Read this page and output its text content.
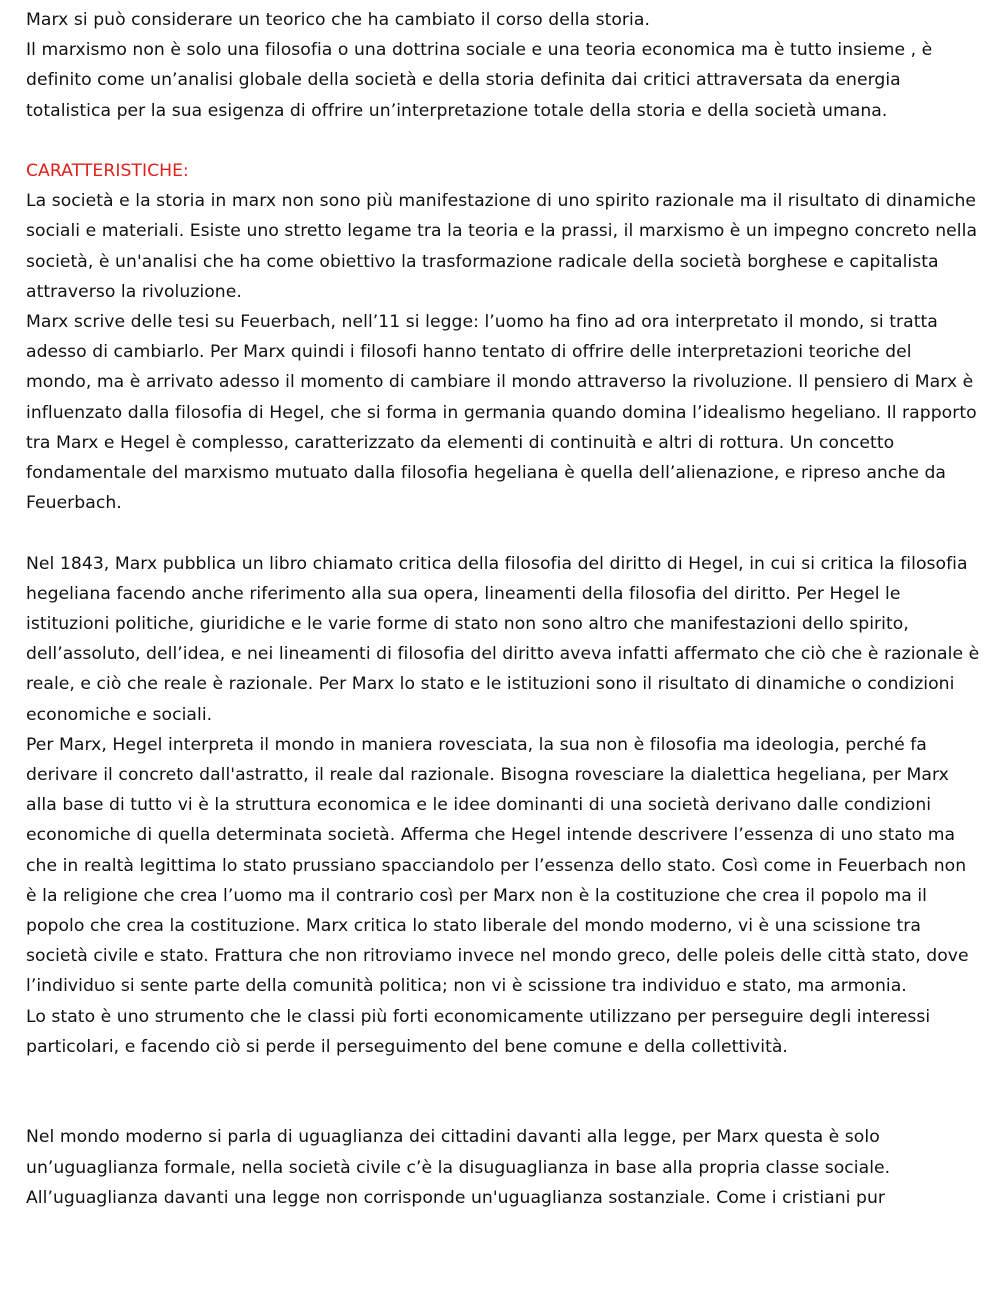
Marx si può considerare un teorico che ha cambiato il corso della storia.

Il marxismo non è solo una filosofia o una dottrina sociale e una teoria economica ma è tutto insieme , è definito come un’analisi globale della società e della storia definita dai critici attraversata da energia totalistica per la sua esigenza di offrire un’interpretazione totale della storia e della società umana.

CARATTERISTICHE:

La società e la storia in marx non sono più manifestazione di uno spirito razionale ma il risultato di dinamiche sociali e materiali. Esiste uno stretto legame tra la teoria e la prassi, il marxismo è un impegno concreto nella società, è un'analisi che ha come obiettivo la trasformazione radicale della società borghese e capitalista attraverso la rivoluzione.

Marx scrive delle tesi su Feuerbach, nell’11 si legge: l’uomo ha fino ad ora interpretato il mondo, si tratta adesso di cambiarlo. Per Marx quindi i filosofi hanno tentato di offrire delle interpretazioni teoriche del mondo, ma è arrivato adesso il momento di cambiare il mondo attraverso la rivoluzione. Il pensiero di Marx è influenzato dalla filosofia di Hegel, che si forma in germania quando domina l’idealismo hegeliano. Il rapporto tra Marx e Hegel è complesso, caratterizzato da elementi di continuità e altri di rottura. Un concetto fondamentale del marxismo mutuato dalla filosofia hegeliana è quella dell’alienazione, e ripreso anche da Feuerbach.

Nel 1843, Marx pubblica un libro chiamato critica della filosofia del diritto di Hegel, in cui si critica la filosofia hegeliana facendo anche riferimento alla sua opera, lineamenti della filosofia del diritto. Per Hegel le istituzioni politiche, giuridiche e le varie forme di stato non sono altro che manifestazioni dello spirito, dell’assoluto, dell’idea, e nei lineamenti di filosofia del diritto aveva infatti affermato che ciò che è razionale è reale, e ciò che reale è razionale. Per Marx lo stato e le istituzioni sono il risultato di dinamiche o condizioni economiche e sociali.

Per Marx, Hegel interpreta il mondo in maniera rovesciata, la sua non è filosofia ma ideologia, perché fa derivare il concreto dall'astratto, il reale dal razionale. Bisogna rovesciare la dialettica hegeliana, per Marx alla base di tutto vi è la struttura economica e le idee dominanti di una società derivano dalle condizioni economiche di quella determinata società. Afferma che Hegel intende descrivere l’essenza di uno stato ma che in realtà legittima lo stato prussiano spacciandolo per l’essenza dello stato. Così come in Feuerbach non è la religione che crea l’uomo ma il contrario così per Marx non è la costituzione che crea il popolo ma il popolo che crea la costituzione. Marx critica lo stato liberale del mondo moderno, vi è una scissione tra società civile e stato. Frattura che non ritroviamo invece nel mondo greco, delle poleis delle città stato, dove l’individuo si sente parte della comunità politica; non vi è scissione tra individuo e stato, ma armonia.

Lo stato è uno strumento che le classi più forti economicamente utilizzano per perseguire degli interessi particolari, e facendo ciò si perde il perseguimento del bene comune e della collettività.

Nel mondo moderno si parla di uguaglianza dei cittadini davanti alla legge, per Marx questa è solo un’uguaglianza formale, nella società civile c’è la disuguaglianza in base alla propria classe sociale. All’uguaglianza davanti una legge non corrisponde un'uguaglianza sostanziale. Come i cristiani pur
